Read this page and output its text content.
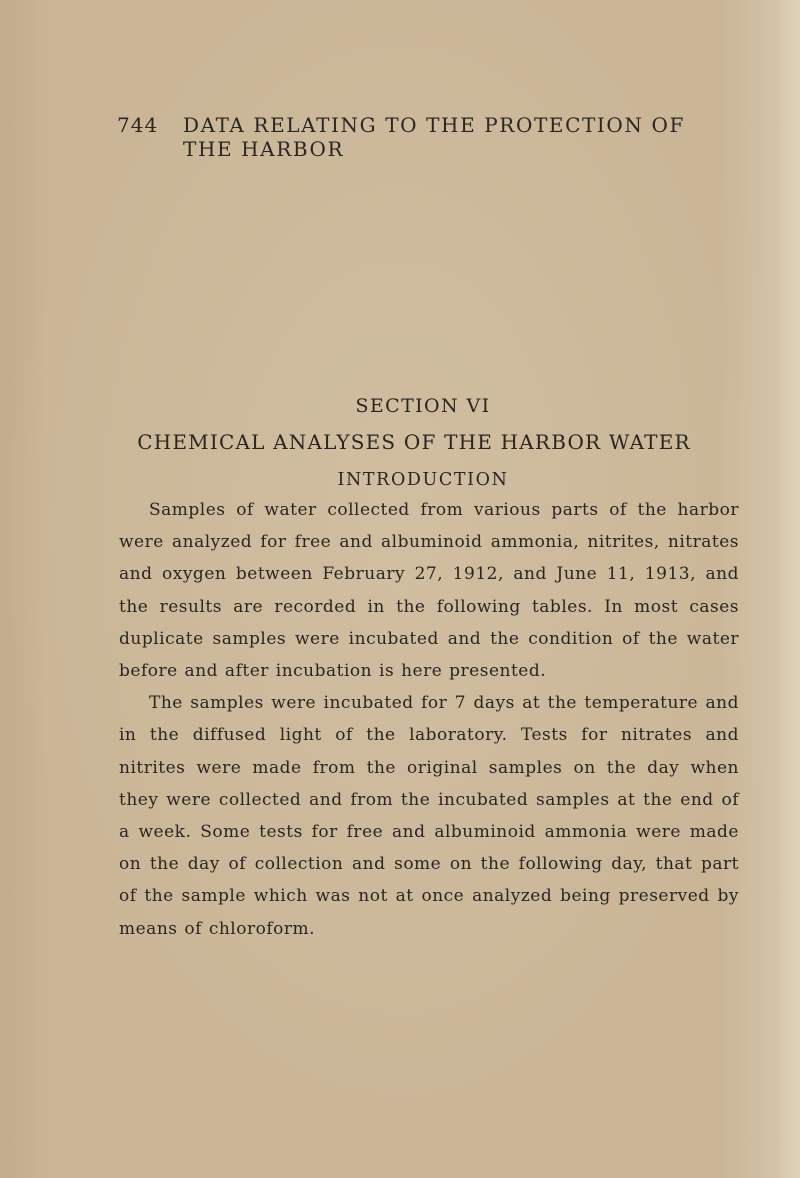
744	DATA RELATING TO THE PROTECTION OF THE HARBOR
SECTION VI
CHEMICAL ANALYSES OF THE HARBOR WATER
INTRODUCTION

Samples of water collected from various parts of the harbor were analyzed for free and albuminoid ammonia, nitrites, nitrates and oxygen between February 27, 1912, and June 11, 1913, and the results are recorded in the following tables. In most cases duplicate samples were incubated and the condition of the water before and after incubation is here presented.

The samples were incubated for 7 days at the temperature and in the diffused light of the laboratory. Tests for nitrates and nitrites were made from the original samples on the day when they were collected and from the incubated samples at the end of a week. Some tests for free and albuminoid ammonia were made on the day of collection and some on the following day, that part of the sample which was not at once analyzed being preserved by means of chloroform.
